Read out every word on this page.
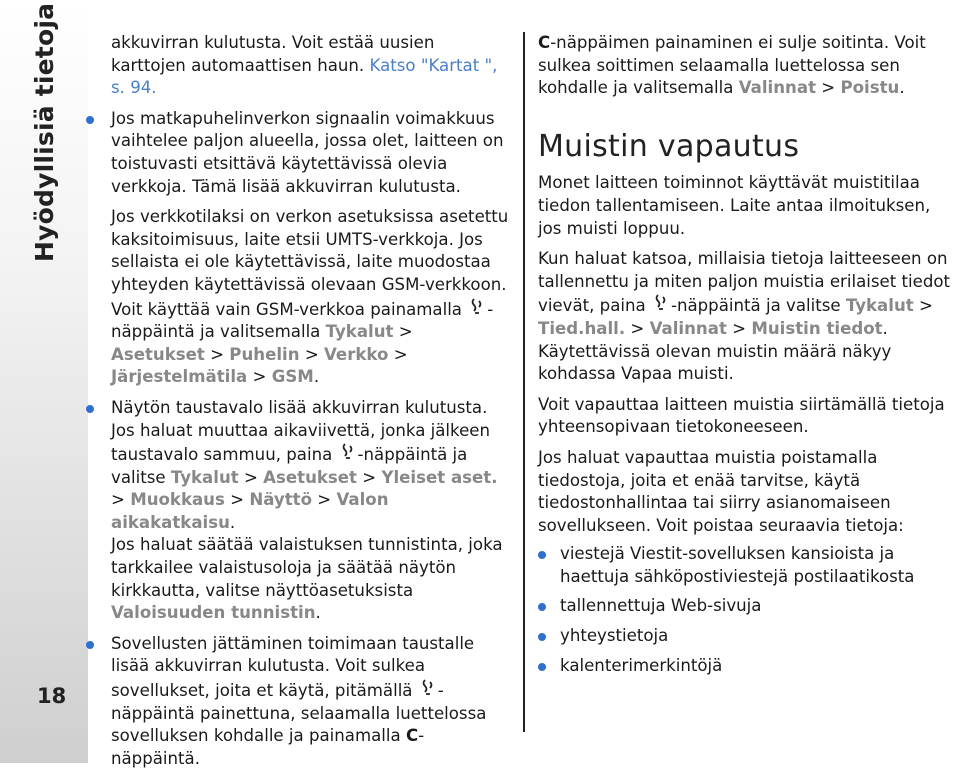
Hyödyllisiä tietoja
18

akkuvirran kulutusta. Voit estää uusien karttojen automaattisen haun. Katso "Kartat ", s. 94.

Jos matkapuhelinverkon signaalin voimakkuus vaihtelee paljon alueella, jossa olet, laitteen on toistuvasti etsittävä käytettävissä olevia verkkoja. Tämä lisää akkuvirran kulutusta.

Jos verkkotilaksi on verkon asetuksissa asetettu kaksitoimisuus, laite etsii UMTS-verkkoja. Jos sellaista ei ole käytettävissä, laite muodostaa yhteyden käytettävissä olevaan GSM-verkkoon.

Voit käyttää vain GSM-verkkoa painamalla -näppäintä ja valitsemalla Tykalut > Asetukset > Puhelin > Verkko > Järjestelmätila > GSM.

Näytön taustavalo lisää akkuvirran kulutusta.

Jos haluat muuttaa aikaviivettä, jonka jälkeen taustavalo sammuu, paina -näppäintä ja valitse Tykalut > Asetukset > Yleiset aset. > Muokkaus > Näyttö > Valon aikakatkaisu.

Jos haluat säätää valaistuksen tunnistinta, joka tarkkailee valaistusoloja ja säätää näytön kirkkautta, valitse näyttöasetuksista Valoisuuden tunnistin.

Sovellusten jättäminen toimimaan taustalle lisää akkuvirran kulutusta. Voit sulkea sovellukset, joita et käytä, pitämällä -näppäintä painettuna, selaamalla luettelossa sovelluksen kohdalle ja painamalla C-näppäintä.

C-näppäimen painaminen ei sulje soitinta. Voit sulkea soittimen selaamalla luettelossa sen kohdalle ja valitsemalla Valinnat > Poistu.

Muistin vapautus

Monet laitteen toiminnot käyttävät muistitilaa tiedon tallentamiseen. Laite antaa ilmoituksen, jos muisti loppuu.

Kun haluat katsoa, millaisia tietoja laitteeseen on tallennettu ja miten paljon muistia erilaiset tiedot vievät, paina -näppäintä ja valitse Tykalut > Tied.hall. > Valinnat > Muistin tiedot. Käytettävissä olevan muistin määrä näkyy kohdassa Vapaa muisti.

Voit vapauttaa laitteen muistia siirtämällä tietoja yhteensopivaan tietokoneeseen.

Jos haluat vapauttaa muistia poistamalla tiedostoja, joita et enää tarvitse, käytä tiedostonhallintaa tai siirry asianomaiseen sovellukseen. Voit poistaa seuraavia tietoja:

viestejä Viestit-sovelluksen kansioista ja haettuja sähköpostiviestejä postilaatikosta
tallennettuja Web-sivuja
yhteystietoja
kalenterimerkintöjä
